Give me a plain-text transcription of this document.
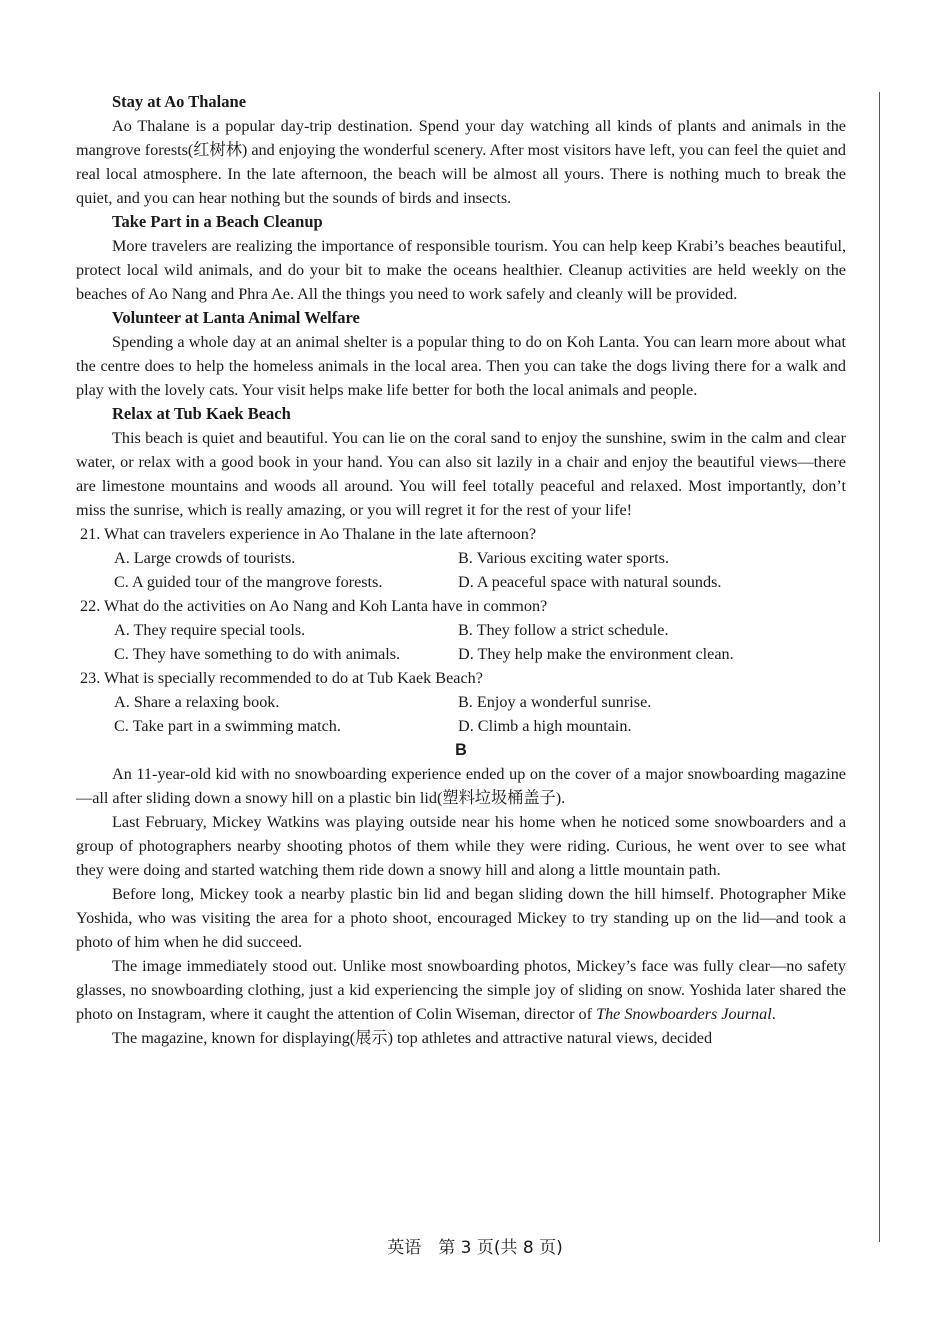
Stay at Ao Thalane

Ao Thalane is a popular day-trip destination. Spend your day watching all kinds of plants and animals in the mangrove forests(红树林) and enjoying the wonderful scenery. After most visitors have left, you can feel the quiet and real local atmosphere. In the late afternoon, the beach will be almost all yours. There is nothing much to break the quiet, and you can hear nothing but the sounds of birds and insects.

Take Part in a Beach Cleanup

More travelers are realizing the importance of responsible tourism. You can help keep Krabi’s beaches beautiful, protect local wild animals, and do your bit to make the oceans healthier. Cleanup activities are held weekly on the beaches of Ao Nang and Phra Ae. All the things you need to work safely and cleanly will be provided.

Volunteer at Lanta Animal Welfare

Spending a whole day at an animal shelter is a popular thing to do on Koh Lanta. You can learn more about what the centre does to help the homeless animals in the local area. Then you can take the dogs living there for a walk and play with the lovely cats. Your visit helps make life better for both the local animals and people.

Relax at Tub Kaek Beach

This beach is quiet and beautiful. You can lie on the coral sand to enjoy the sunshine, swim in the calm and clear water, or relax with a good book in your hand. You can also sit lazily in a chair and enjoy the beautiful views—there are limestone mountains and woods all around. You will feel totally peaceful and relaxed. Most importantly, don’t miss the sunrise, which is really amazing, or you will regret it for the rest of your life!

21. What can travelers experience in Ao Thalane in the late afternoon?

A. Large crowds of tourists.	B. Various exciting water sports.
C. A guided tour of the mangrove forests.	D. A peaceful space with natural sounds.

22. What do the activities on Ao Nang and Koh Lanta have in common?

A. They require special tools.	B. They follow a strict schedule.
C. They have something to do with animals.	D. They help make the environment clean.

23. What is specially recommended to do at Tub Kaek Beach?

A. Share a relaxing book.	B. Enjoy a wonderful sunrise.
C. Take part in a swimming match.	D. Climb a high mountain.

B

An 11-year-old kid with no snowboarding experience ended up on the cover of a major snowboarding magazine—all after sliding down a snowy hill on a plastic bin lid(塑料垃圾桶盖子).

Last February, Mickey Watkins was playing outside near his home when he noticed some snowboarders and a group of photographers nearby shooting photos of them while they were riding. Curious, he went over to see what they were doing and started watching them ride down a snowy hill and along a little mountain path.

Before long, Mickey took a nearby plastic bin lid and began sliding down the hill himself. Photographer Mike Yoshida, who was visiting the area for a photo shoot, encouraged Mickey to try standing up on the lid—and took a photo of him when he did succeed.

The image immediately stood out. Unlike most snowboarding photos, Mickey’s face was fully clear—no safety glasses, no snowboarding clothing, just a kid experiencing the simple joy of sliding on snow. Yoshida later shared the photo on Instagram, where it caught the attention of Colin Wiseman, director of The Snowboarders Journal.

The magazine, known for displaying(展示) top athletes and attractive natural views, decided

英语　第 3 页(共 8 页)
